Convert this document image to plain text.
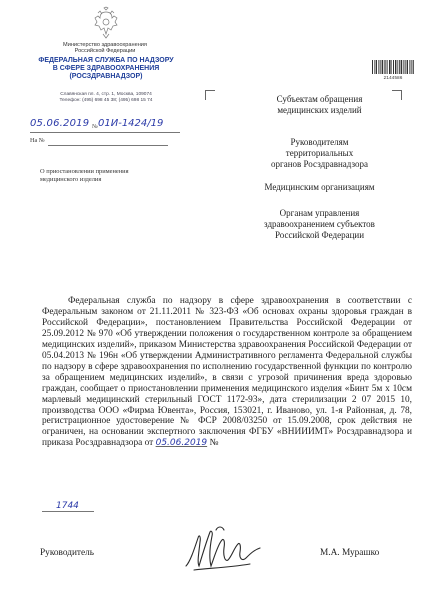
Министерство здравоохранения
Российской Федерации
ФЕДЕРАЛЬНАЯ СЛУЖБА ПО НАДЗОРУ
В СФЕРЕ ЗДРАВООХРАНЕНИЯ
(РОСЗДРАВНАДЗОР)
Славянская пл. 4, стр. 1, Москва, 109074
Телефон: (495) 698 45 38; (495) 698 15 74
05.06.2019 № 01И-1424/19
На №
О приостановлении применения
медицинского изделия
2144586
Субъектам обращения
медицинских изделий
Руководителям
территориальных
органов Росздравнадзора
Медицинским организациям
Органам управления
здравоохранением субъектов
Российской Федерации
Федеральная служба по надзору в сфере здравоохранения в соответствии с Федеральным законом от 21.11.2011 № 323-ФЗ «Об основах охраны здоровья граждан в Российской Федерации», постановлением Правительства Российской Федерации от 25.09.2012 № 970 «Об утверждении положения о государственном контроле за обращением медицинских изделий», приказом Министерства здравоохранения Российской Федерации от 05.04.2013 № 196н «Об утверждении Административного регламента Федеральной службы по надзору в сфере здравоохранения по исполнению государственной функции по контролю за обращением медицинских изделий», в связи с угрозой причинения вреда здоровью граждан, сообщает о приостановлении применения медицинского изделия «Бинт 5м х 10см марлевый медицинский стерильный ГОСТ 1172-93», дата стерилизации 2 07 2015 10, производства ООО «Фирма Ювента», Россия, 153021, г. Иваново, ул. 1-я Районная, д. 78, регистрационное удостоверение № ФСР 2008/03250 от 15.09.2008, срок действия не ограничен, на основании экспертного заключения ФГБУ «ВНИИИМТ» Росздравнадзора и приказа Росздравнадзора от 05.06.2019 №
1744
Руководитель	М.А. Мурашко
